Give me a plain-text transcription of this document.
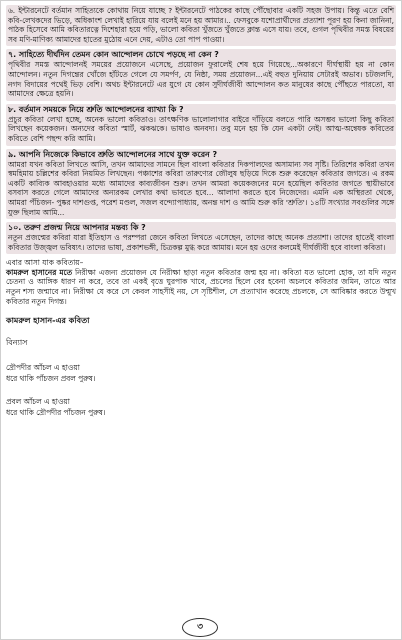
৬. ইন্টারনেটে বর্তমান সাহিত্যকে কোথায় নিয়ে যাচ্ছে ? ইন্টারনেটে পাঠকের কাছে পৌঁছোবার একটি সহজ উপায়। কিন্তু এতে বেশি কবি-লেখকদের ভিড়ে, অধিকাংশ লেখাই হারিয়ে যায় বলেই মনে হয় আমার।.. ফেসবুকে যশোপ্রার্থীদের প্রত্যাশা পূরণ হয় কিনা জানিনা, পাঠক হিসেবে আমি কবিতারত্নে দিশেহারা হয়ে পড়ি, ভালো কবিতা খুঁজতে খুঁজতে ক্লান্ত এসে যায়। তবে, গুগল পৃথিবীর সমস্ত বিষয়ের সব মণি-মাণিক্য আমাদের হাতের মুঠোয় এনে দেয়, এটাও তো পাপ পাওয়া।

৭. সাহিত্যে দীর্ঘদিন তেমন কোন আন্দোলন চোখে পড়ছে না কেন ?

পৃথিবীর সমস্ত আন্দোলনই সময়ের প্রয়োজনে এসেছে, প্রয়োজন ফুরালেই শেষ হয়ে গিয়েছে...অকারণে দীর্ঘস্থায়ী হয় না কোন আন্দোলন। নতুন দিগন্তের খোঁজে হাঁটতে গেলে যে সমর্পণ, যে নিষ্ঠা, সময় প্রয়োজন...এই বহুত দুনিয়ায় সেটারই অভাব। চটজলদি, নগদ বিদায়ের পথেই ভিড় বেশি। অথচ ইন্টারনেটে এর যুগে যে কোন সুদীর্ঘজীবী আন্দোলন কত মানুষের কাছে পৌঁছতে পারতো, যা আমাদের ক্ষেত্রে হয়নি।

৮. বর্তমান সময়কে নিয়ে শ্রুতি আন্দোলনের ব্যাখ্যা কি ?

প্রচুর কবিতা লেখা হচ্ছে, অনেক ভালো কবিতাও। তাৎক্ষণিক ভালোলাগার বাইরে দাঁড়িয়ে বলতে পারি অসম্ভব ভালো কিছু কবিতা লিখছেন কয়েকজন। অন্যদের কবিতা স্মার্ট, ঝকঝকে। ভাষাও অনবদ্য। তবু মনে হয় কি যেন একটা নেই। আত্ম-অন্বেষক কবিতের কবিতে বেশি পছন্দ করি আমি।

৯. আপনি নিজেকে কিভাবে শ্রুতি আন্দোলনের সাথে যুক্ত করেন ?

আমরা যখন কবিতা লিখতে আসি, তখন আমাদের সামনে ছিল বাংলা কবিতার দিকপালদের অসামান্য সব সৃষ্টি। তিরিশের কবিরা তখন স্বমহিমায় চল্লিশের কবিরা নিয়মিত লিখছেন। পঞ্চাশের কবিরা তারুণ্যের জৌলুষ ছড়িয়ে দিকে শুরু করেছেন কবিতার জগতে। এ রকম একটি কাব্যিক আবহাওয়ার মধ্যে আমাদের কাব্যজীবন শুরু। তখন আমরা কয়েকজনের মনে হয়েছিল কবিতার জগতে স্থায়ীভাবে বসবাস করতে গেলে আমাদের অন্যরকম লেখার কথা ভাবতে হবে... আলাদা করতে হবে নিজেদের। এমনি এক অস্থিরতা থেকে, আমরা পঁচিজন- পুষ্কর দাশগুপ্ত, পরেশ মণ্ডল, সজল বন্দ্যোপাধ্যায়, অনন্ত দাশ ও আমি শুরু করি 'শ্রুতি'। ১৪টি সংখ্যার সবগুলির সঙ্গে যুক্ত ছিলাম আমি...

১০. তরুণ প্রজন্ম নিয়ে আপনার মন্তব্য কি ?

নতুন প্রজন্মের কবিরা যারা ইতিহাস ও পরম্পরা জেনে কবিতা লিখতে এসেছেন, তাদের কাছে অনেক প্রত্যাশা। তাদের হাতেই বাংলা কবিতার উজ্জ্বল ভবিষ্যৎ। তাদের ভাষা, প্রকাশভঙ্গী, চিত্রকল্প মুগ্ধ করে আমায়। মনে হয় ওদের কলমেই দীর্ঘজীবী হবে বাংলা কবিতা।

এবার আসা যাক কবিতায়–

কামরুল হাসানের মতে নিরীক্ষা এজন্য প্রয়োজন যে নিরীক্ষা ছাড়া নতুন কবিতার জন্ম হয় না। কবিতা যত ভালো হোক, তা যদি নতুন চেতনা ও আঙ্গিক ধারণ না করে, তবে তা একই বৃত্তে ঘুরপাক খাবে, প্রচলের ছিলে বের হবেনা অচলবে কবিতার জমিন, তাতে আর নতুন শস্য জন্মাবে না। নিরীক্ষা যে করে সে কেবল সাহসীই নয়, সে সৃষ্টিশীল, সে প্রত্যাখান করেছে প্রচলকে, সে আবিষ্কার করতে উন্মুখ কবিতার নতুন দিগন্ত।

কামরুল হাসান-এর কবিতা

বিন্যাস

দ্রৌপদীর আঁচল এ হাওয়া

ধরে থাকি পাঁচজন প্রবল পুরুষ।

প্রবল আঁচল এ হাওয়া

ধরে থাকি দ্রৌপদীর পাঁচজন পুরুষ।

৩
